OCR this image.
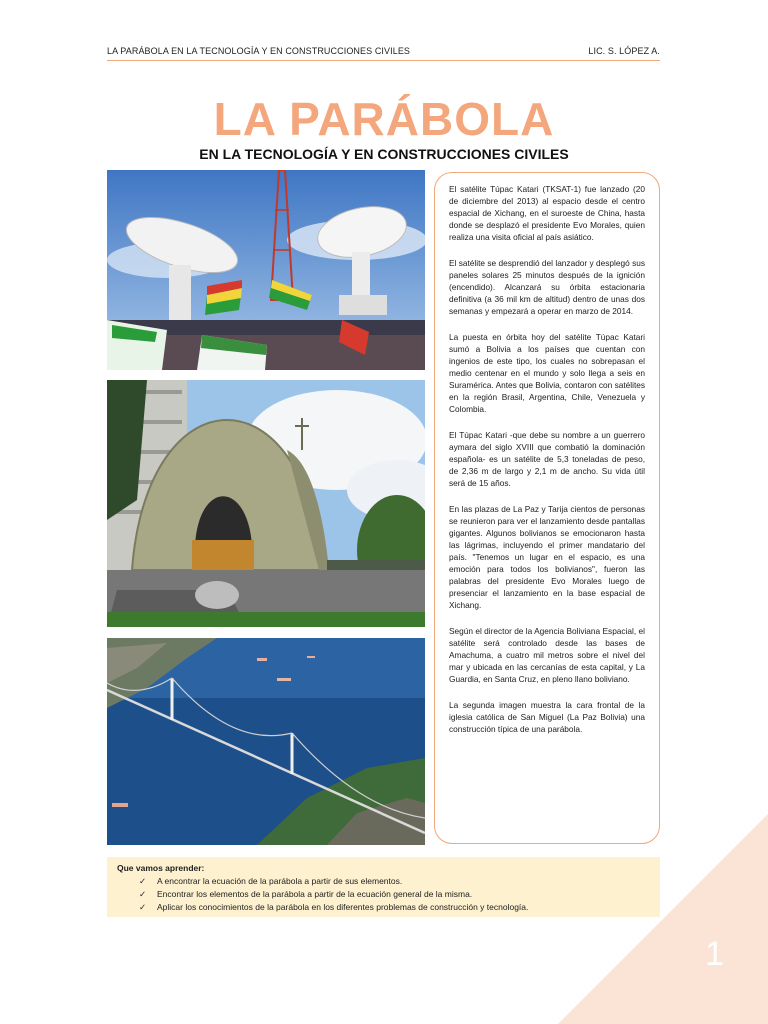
LA PARÁBOLA EN LA TECNOLOGÍA Y EN CONSTRUCCIONES CIVILES	LIC. S. LÓPEZ A.
LA PARÁBOLA
EN LA TECNOLOGÍA Y EN CONSTRUCCIONES CIVILES

El satélite Túpac Katari (TKSAT-1) fue lanzado (20 de diciembre del 2013) al espacio desde el centro espacial de Xichang, en el suroeste de China, hasta donde se desplazó el presidente Evo Morales, quien realiza una visita oficial al país asiático.

El satélite se desprendió del lanzador y desplegó sus paneles solares 25 minutos después de la ignición (encendido). Alcanzará su órbita estacionaria definitiva (a 36 mil km de altitud) dentro de unas dos semanas y empezará a operar en marzo de 2014.

La puesta en órbita hoy del satélite Túpac Katari sumó a Bolivia a los países que cuentan con ingenios de este tipo, los cuales no sobrepasan el medio centenar en el mundo y solo llega a seis en Suramérica. Antes que Bolivia, contaron con satélites en la región Brasil, Argentina, Chile, Venezuela y Colombia.

El Túpac Katari -que debe su nombre a un guerrero aymara del siglo XVIII que combatió la dominación española- es un satélite de 5,3 toneladas de peso, de 2,36 m de largo y 2,1 m de ancho. Su vida útil será de 15 años.

En las plazas de La Paz y Tarija cientos de personas se reunieron para ver el lanzamiento desde pantallas gigantes. Algunos bolivianos se emocionaron hasta las lágrimas, incluyendo el primer mandatario del país. "Tenemos un lugar en el espacio, es una emoción para todos los bolivianos", fueron las palabras del presidente Evo Morales luego de presenciar el lanzamiento en la base espacial de Xichang.

Según el director de la Agencia Boliviana Espacial, el satélite será controlado desde las bases de Amachuma, a cuatro mil metros sobre el nivel del mar y ubicada en las cercanías de esta capital, y La Guardia, en Santa Cruz, en pleno llano boliviano.

La segunda imagen muestra la cara frontal de la iglesia católica de San Miguel (La Paz Bolivia) una construcción típica de una parábola.

Que vamos aprender:
✓ A encontrar la ecuación de la parábola a partir de sus elementos.
✓ Encontrar los elementos de la parábola a partir de la ecuación general de la misma.
✓ Aplicar los conocimientos de la parábola en los diferentes problemas de construcción y tecnología.
1
